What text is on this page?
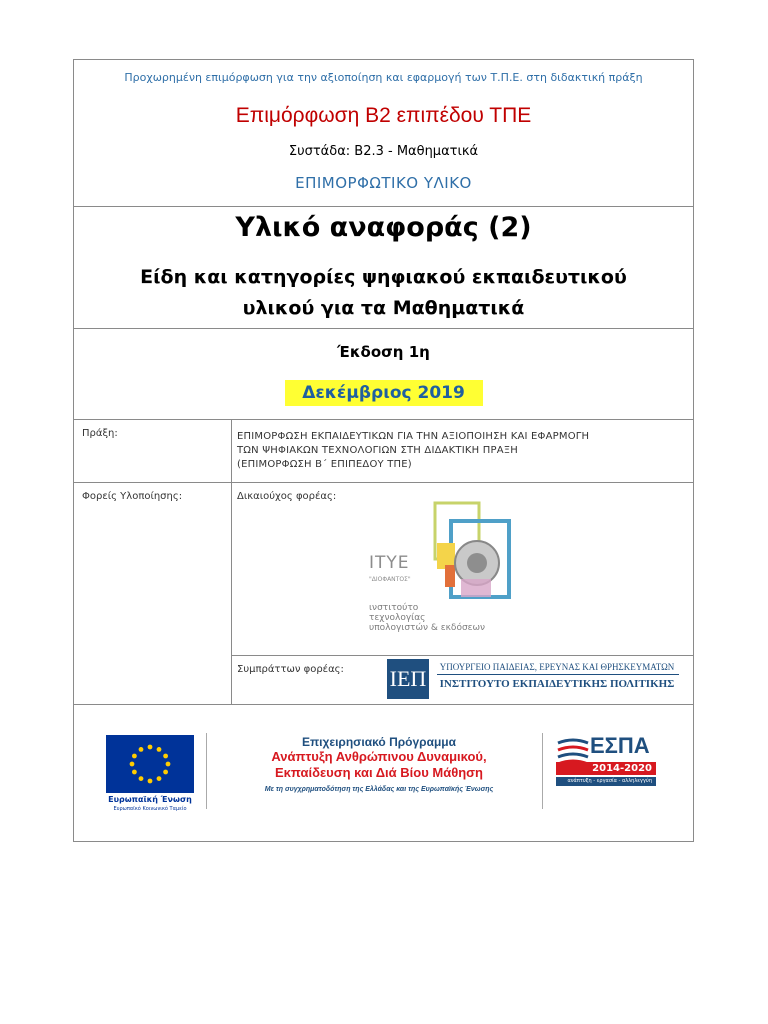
Προχωρημένη επιμόρφωση για την αξιοποίηση και εφαρμογή των Τ.Π.Ε. στη διδακτική πράξη
Επιμόρφωση Β2 επιπέδου ΤΠΕ
Συστάδα: Β2.3 - Μαθηματικά
ΕΠΙΜΟΡΦΩΤΙΚΟ ΥΛΙΚΟ
Υλικό αναφοράς (2)
Είδη και κατηγορίες ψηφιακού εκπαιδευτικού
υλικού για τα Μαθηματικά
Έκδοση 1η
Δεκέμβριος 2019
Πράξη:	ΕΠΙΜΟΡΦΩΣΗ ΕΚΠΑΙΔΕΥΤΙΚΩΝ ΓΙΑ ΤΗΝ ΑΞΙΟΠΟΙΗΣΗ ΚΑΙ ΕΦΑΡΜΟΓΗ
ΤΩΝ ΨΗΦΙΑΚΩΝ ΤΕΧΝΟΛΟΓΙΩΝ ΣΤΗ ΔΙΔΑΚΤΙΚΗ ΠΡΑΞΗ
(ΕΠΙΜΟΡΦΩΣΗ Β΄ ΕΠΙΠΕΔΟΥ ΤΠΕ)
Φορείς Υλοποίησης:	Δικαιούχος φορέας:
ΙΤΥΕ
"ΔΙΟΦΑΝΤΟΣ"
ινστιτούτο
τεχνολογίας
υπολογιστών & εκδόσεων
Συμπράττων φορέας: ΙΕΠ	ΥΠΟΥΡΓΕΙΟ ΠΑΙΔΕΙΑΣ, ΕΡΕΥΝΑΣ ΚΑΙ ΘΡΗΣΚΕΥΜΑΤΩΝ
ΙΝΣΤΙΤΟΥΤΟ ΕΚΠΑΙΔΕΥΤΙΚΗΣ ΠΟΛΙΤΙΚΗΣ
Ευρωπαϊκή Ένωση
Ευρωπαϊκό Κοινωνικό Ταμείο
Επιχειρησιακό Πρόγραμμα
Ανάπτυξη Ανθρώπινου Δυναμικού,
Εκπαίδευση και Διά Βίου Μάθηση
Με τη συγχρηματοδότηση της Ελλάδας και της Ευρωπαϊκής Ένωσης
ΕΣΠΑ
2014-2020
ανάπτυξη - εργασία - αλληλεγγύη
